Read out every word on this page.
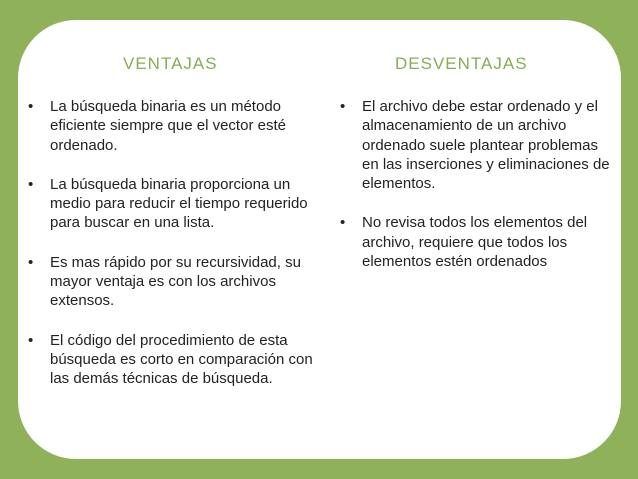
VENTAJAS
•	La búsqueda binaria es un método eficiente siempre que el vector esté ordenado.
•	La búsqueda binaria proporciona un medio para reducir el tiempo requerido para buscar en una lista.
•	Es mas rápido por su recursividad, su mayor ventaja es con los archivos extensos.
•	El código del procedimiento de esta búsqueda es corto en comparación con las demás técnicas de búsqueda.
DESVENTAJAS
•	El archivo debe estar ordenado y el almacenamiento de un archivo ordenado suele plantear problemas en las inserciones y eliminaciones de elementos.
•	No revisa todos los elementos del archivo, requiere que todos los elementos estén ordenados
